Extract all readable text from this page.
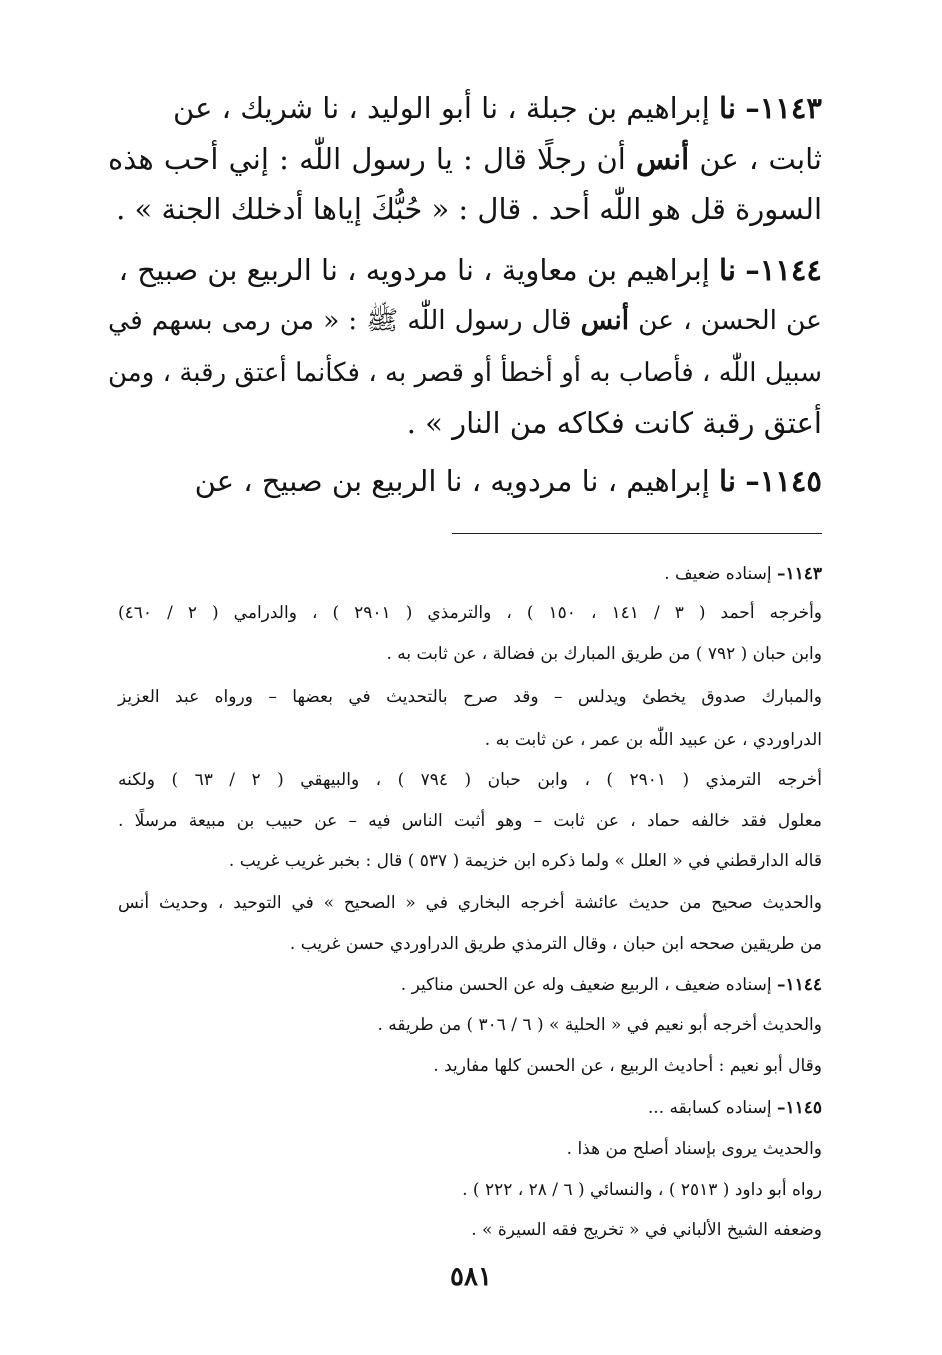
١١٤٣– نا إبراهيم بن جبلة ، نا أبو الوليد ، نا شريك ، عن
ثابت ، عن أنس أن رجلًا قال : يا رسول اللّٰه : إني أحب هذه
السورة قل هو اللّٰه أحد . قال : « حُبُّكَ إياها أدخلك الجنة » .
١١٤٤– نا إبراهيم بن معاوية ، نا مردويه ، نا الربيع بن صبيح ،
عن الحسن ، عن أنس قال رسول اللّٰه ﷺ : « من رمى بسهم في
سبيل اللّٰه ، فأصاب به أو أخطأ أو قصر به ، فكأنما أعتق رقبة ، ومن
أعتق رقبة كانت فكاكه من النار » .
١١٤٥– نا إبراهيم ، نا مردويه ، نا الربيع بن صبيح ، عن
١١٤٣– إسناده ضعيف .
وأخرجه أحمد ( ٣ / ١٤١ ، ١٥٠ ) ، والترمذي ( ٢٩٠١ ) ، والدرامي ( ٢ / ٤٦٠)
وابن حبان ( ٧٩٢ ) من طريق المبارك بن فضالة ، عن ثابت به .
والمبارك صدوق يخطئ ويدلس – وقد صرح بالتحديث في بعضها – ورواه عبد العزيز
الدراوردي ، عن عبيد اللّٰه بن عمر ، عن ثابت به .
أخرجه الترمذي ( ٢٩٠١ ) ، وابن حبان ( ٧٩٤ ) ، والبيهقي ( ٢ / ٦٣ ) ولكنه
معلول فقد خالفه حماد ، عن ثابت – وهو أثبت الناس فيه – عن حبيب بن مبيعة مرسلًا .
قاله الدارقطني في « العلل » ولما ذكره ابن خزيمة ( ٥٣٧ ) قال : بخبر غريب غريب .
والحديث صحيح من حديث عائشة أخرجه البخاري في « الصحيح » في التوحيد ، وحديث أنس
من طريقين صححه ابن حبان ، وقال الترمذي طريق الدراوردي حسن غريب .
١١٤٤– إسناده ضعيف ، الربيع ضعيف وله عن الحسن مناكير .
والحديث أخرجه أبو نعيم في « الحلية » ( ٦ / ٣٠٦ ) من طريقه .
وقال أبو نعيم : أحاديث الربيع ، عن الحسن كلها مفاريد .
١١٤٥– إسناده كسابقه ...
والحديث يروى بإسناد أصلح من هذا .
رواه أبو داود ( ٢٥١٣ ) ، والنسائي ( ٦ / ٢٨ ، ٢٢٢ ) .
وضعفه الشيخ الألباني في « تخريج فقه السيرة » .
٥٨١
